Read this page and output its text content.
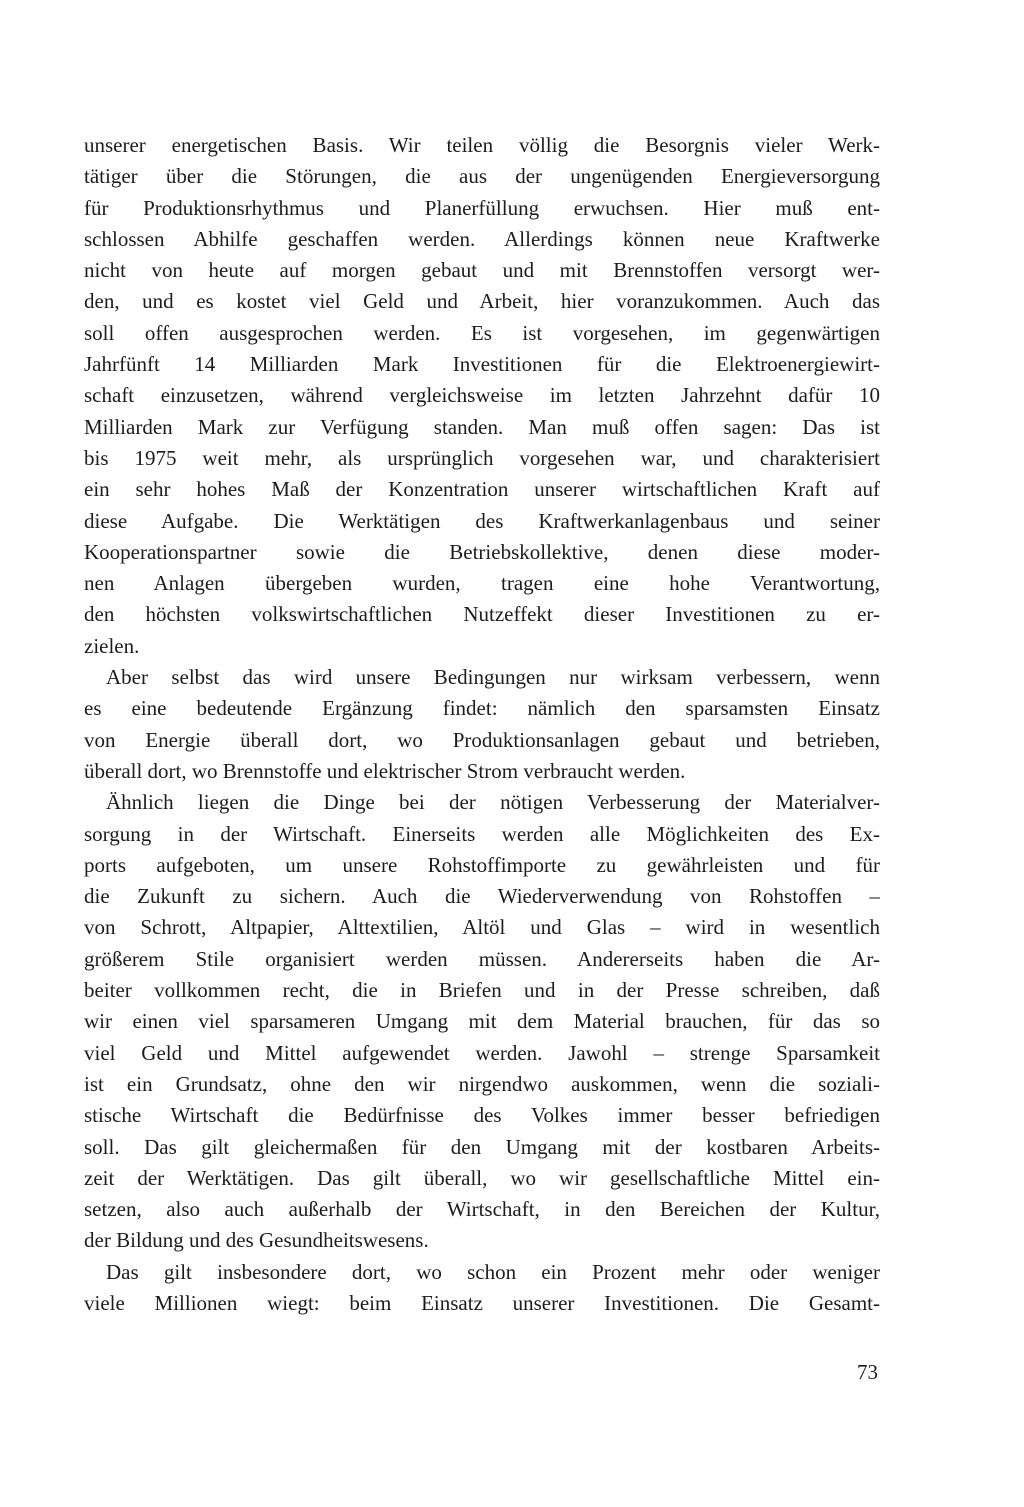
unserer energetischen Basis. Wir teilen völlig die Besorgnis vieler Werk-
tätiger über die Störungen, die aus der ungenügenden Energieversorgung
für Produktionsrhythmus und Planerfüllung erwuchsen. Hier muß ent-
schlossen Abhilfe geschaffen werden. Allerdings können neue Kraftwerke
nicht von heute auf morgen gebaut und mit Brennstoffen versorgt wer-
den, und es kostet viel Geld und Arbeit, hier voranzukommen. Auch das
soll offen ausgesprochen werden. Es ist vorgesehen, im gegenwärtigen
Jahrfünft 14 Milliarden Mark Investitionen für die Elektroenergiewirt-
schaft einzusetzen, während vergleichsweise im letzten Jahrzehnt dafür 10
Milliarden Mark zur Verfügung standen. Man muß offen sagen: Das ist
bis 1975 weit mehr, als ursprünglich vorgesehen war, und charakterisiert
ein sehr hohes Maß der Konzentration unserer wirtschaftlichen Kraft auf
diese Aufgabe. Die Werktätigen des Kraftwerkanlagenbaus und seiner
Kooperationspartner sowie die Betriebskollektive, denen diese moder-
nen Anlagen übergeben wurden, tragen eine hohe Verantwortung,
den höchsten volkswirtschaftlichen Nutzeffekt dieser Investitionen zu er-
zielen.
Aber selbst das wird unsere Bedingungen nur wirksam verbessern, wenn
es eine bedeutende Ergänzung findet: nämlich den sparsamsten Einsatz
von Energie überall dort, wo Produktionsanlagen gebaut und betrieben,
überall dort, wo Brennstoffe und elektrischer Strom verbraucht werden.
Ähnlich liegen die Dinge bei der nötigen Verbesserung der Materialver-
sorgung in der Wirtschaft. Einerseits werden alle Möglichkeiten des Ex-
ports aufgeboten, um unsere Rohstoffimporte zu gewährleisten und für
die Zukunft zu sichern. Auch die Wiederverwendung von Rohstoffen –
von Schrott, Altpapier, Alttextilien, Altöl und Glas – wird in wesentlich
größerem Stile organisiert werden müssen. Andererseits haben die Ar-
beiter vollkommen recht, die in Briefen und in der Presse schreiben, daß
wir einen viel sparsameren Umgang mit dem Material brauchen, für das so
viel Geld und Mittel aufgewendet werden. Jawohl – strenge Sparsamkeit
ist ein Grundsatz, ohne den wir nirgendwo auskommen, wenn die soziali-
stische Wirtschaft die Bedürfnisse des Volkes immer besser befriedigen
soll. Das gilt gleichermaßen für den Umgang mit der kostbaren Arbeits-
zeit der Werktätigen. Das gilt überall, wo wir gesellschaftliche Mittel ein-
setzen, also auch außerhalb der Wirtschaft, in den Bereichen der Kultur,
der Bildung und des Gesundheitswesens.
Das gilt insbesondere dort, wo schon ein Prozent mehr oder weniger
viele Millionen wiegt: beim Einsatz unserer Investitionen. Die Gesamt-
73
